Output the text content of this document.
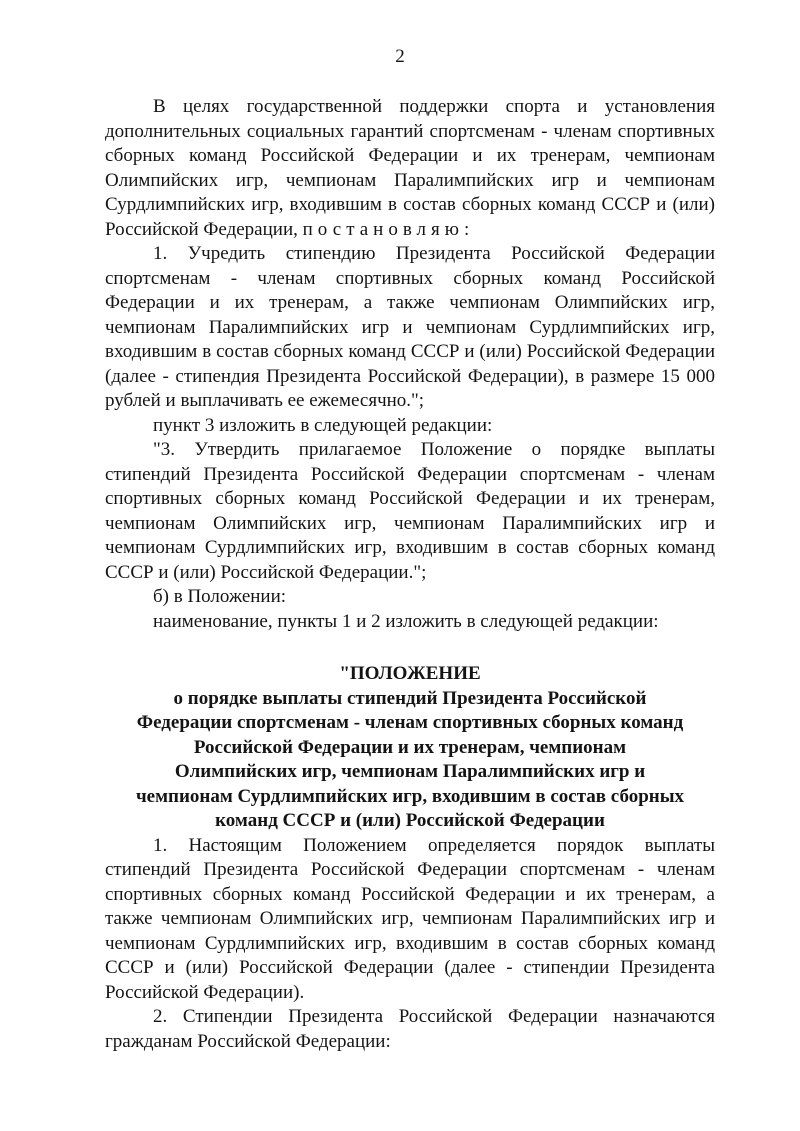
2

В целях государственной поддержки спорта и установления дополнительных социальных гарантий спортсменам - членам спортивных сборных команд Российской Федерации и их тренерам, чемпионам Олимпийских игр, чемпионам Паралимпийских игр и чемпионам Сурдлимпийских игр, входившим в состав сборных команд СССР и (или) Российской Федерации, постановляю:

1. Учредить стипендию Президента Российской Федерации спортсменам - членам спортивных сборных команд Российской Федерации и их тренерам, а также чемпионам Олимпийских игр, чемпионам Паралимпийских игр и чемпионам Сурдлимпийских игр, входившим в состав сборных команд СССР и (или) Российской Федерации (далее - стипендия Президента Российской Федерации), в размере 15 000 рублей и выплачивать ее ежемесячно.";

пункт 3 изложить в следующей редакции:

"3. Утвердить прилагаемое Положение о порядке выплаты стипендий Президента Российской Федерации спортсменам - членам спортивных сборных команд Российской Федерации и их тренерам, чемпионам Олимпийских игр, чемпионам Паралимпийских игр и чемпионам Сурдлимпийских игр, входившим в состав сборных команд СССР и (или) Российской Федерации.";

б) в Положении:

наименование, пункты 1 и 2 изложить в следующей редакции:

"ПОЛОЖЕНИЕ
о порядке выплаты стипендий Президента Российской Федерации спортсменам - членам спортивных сборных команд Российской Федерации и их тренерам, чемпионам Олимпийских игр, чемпионам Паралимпийских игр и чемпионам Сурдлимпийских игр, входившим в состав сборных команд СССР и (или) Российской Федерации

1. Настоящим Положением определяется порядок выплаты стипендий Президента Российской Федерации спортсменам - членам спортивных сборных команд Российской Федерации и их тренерам, а также чемпионам Олимпийских игр, чемпионам Паралимпийских игр и чемпионам Сурдлимпийских игр, входившим в состав сборных команд СССР и (или) Российской Федерации (далее - стипендии Президента Российской Федерации).

2. Стипендии Президента Российской Федерации назначаются гражданам Российской Федерации:
